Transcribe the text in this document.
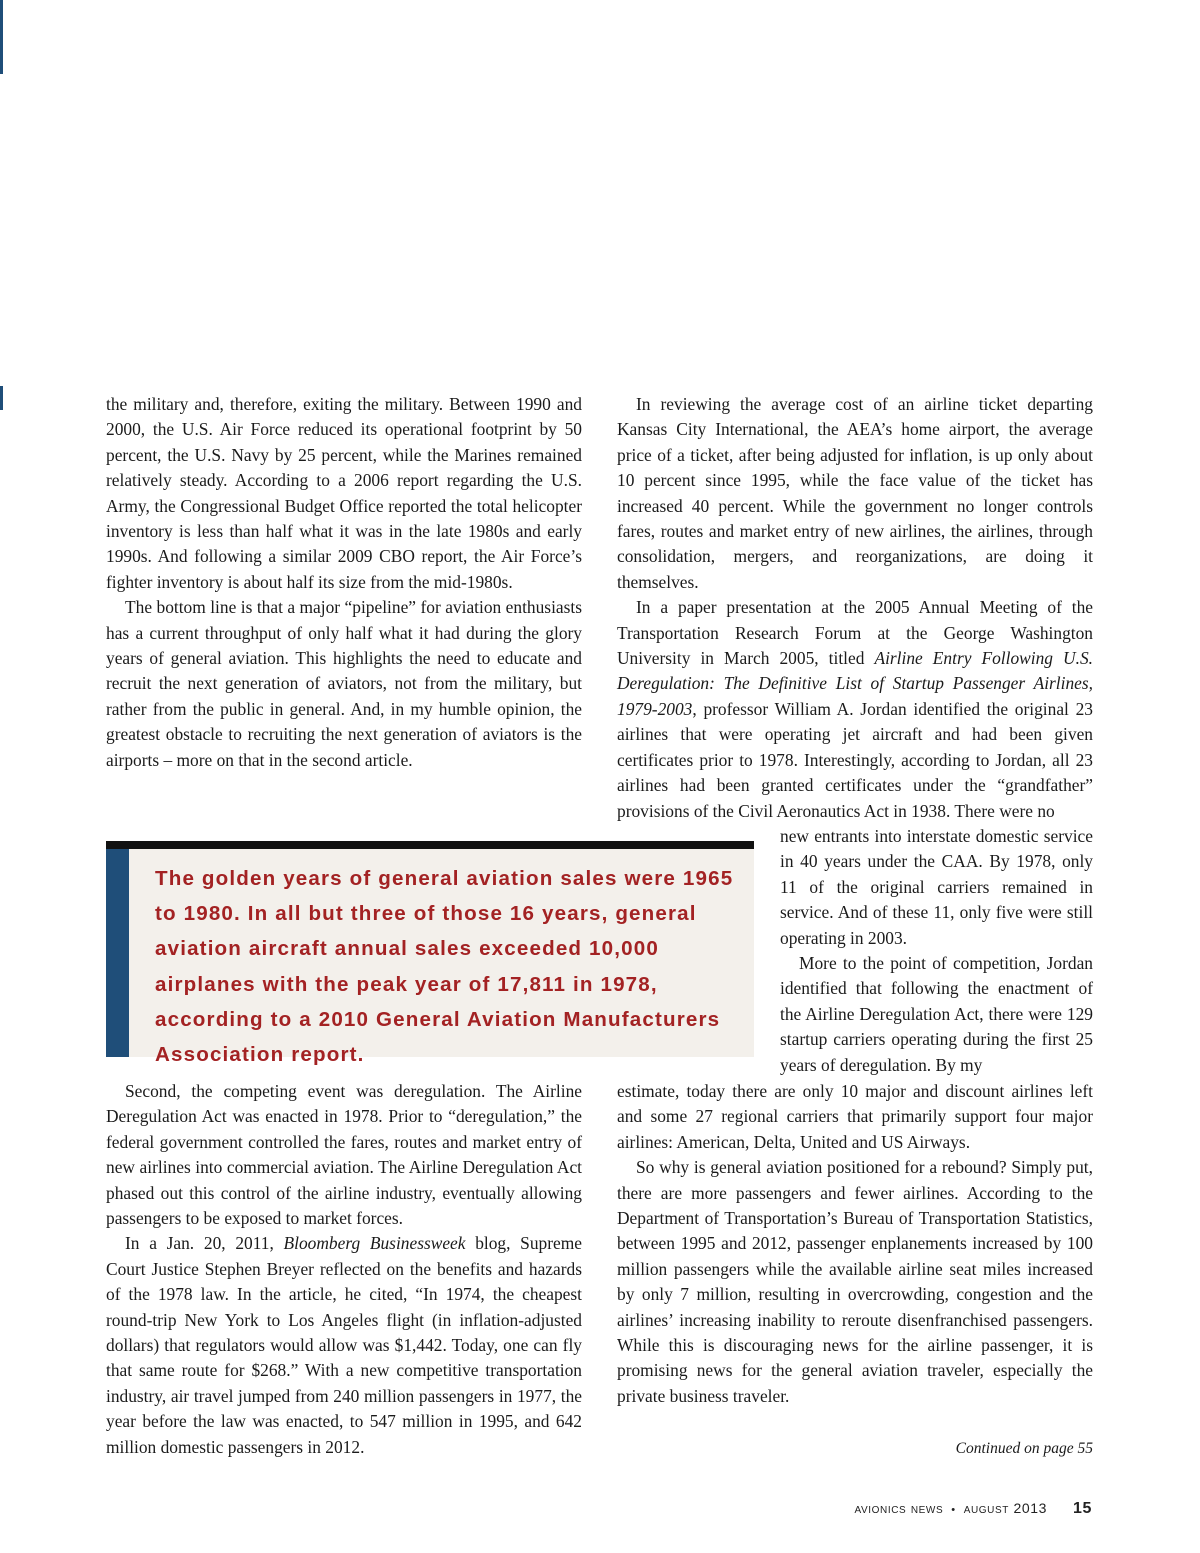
the military and, therefore, exiting the military. Between 1990 and 2000, the U.S. Air Force reduced its operational footprint by 50 percent, the U.S. Navy by 25 percent, while the Marines remained relatively steady. According to a 2006 report regarding the U.S. Army, the Congressional Budget Office reported the total helicopter inventory is less than half what it was in the late 1980s and early 1990s. And following a similar 2009 CBO report, the Air Force’s fighter inventory is about half its size from the mid-1980s.

The bottom line is that a major “pipeline” for aviation enthusiasts has a current throughput of only half what it had during the glory years of general aviation. This highlights the need to educate and recruit the next generation of aviators, not from the military, but rather from the public in general. And, in my humble opinion, the greatest obstacle to recruiting the next generation of aviators is the airports – more on that in the second article.

The golden years of general aviation sales were 1965 to 1980. In all but three of those 16 years, general aviation aircraft annual sales exceeded 10,000 airplanes with the peak year of 17,811 in 1978, according to a 2010 General Aviation Manufacturers Association report.

Second, the competing event was deregulation. The Airline Deregulation Act was enacted in 1978. Prior to “deregulation,” the federal government controlled the fares, routes and market entry of new airlines into commercial aviation. The Airline Deregulation Act phased out this control of the airline industry, eventually allowing passengers to be exposed to market forces.

In a Jan. 20, 2011, Bloomberg Businessweek blog, Supreme Court Justice Stephen Breyer reflected on the benefits and hazards of the 1978 law. In the article, he cited, “In 1974, the cheapest round-trip New York to Los Angeles flight (in inflation-adjusted dollars) that regulators would allow was $1,442. Today, one can fly that same route for $268.” With a new competitive transportation industry, air travel jumped from 240 million passengers in 1977, the year before the law was enacted, to 547 million in 1995, and 642 million domestic passengers in 2012.

In reviewing the average cost of an airline ticket departing Kansas City International, the AEA’s home airport, the average price of a ticket, after being adjusted for inflation, is up only about 10 percent since 1995, while the face value of the ticket has increased 40 percent. While the government no longer controls fares, routes and market entry of new airlines, the airlines, through consolidation, mergers, and reorganizations, are doing it themselves.

In a paper presentation at the 2005 Annual Meeting of the Transportation Research Forum at the George Washington University in March 2005, titled Airline Entry Following U.S. Deregulation: The Definitive List of Startup Passenger Airlines, 1979-2003, professor William A. Jordan identified the original 23 airlines that were operating jet aircraft and had been given certificates prior to 1978. Interestingly, according to Jordan, all 23 airlines had been granted certificates under the “grandfather” provisions of the Civil Aeronautics Act in 1938. There were no

new entrants into interstate domestic service in 40 years under the CAA. By 1978, only 11 of the original carriers remained in service. And of these 11, only five were still operating in 2003.

More to the point of competition, Jordan identified that following the enactment of the Airline Deregulation Act, there were 129 startup carriers operating during the first 25 years of deregulation. By my

estimate, today there are only 10 major and discount airlines left and some 27 regional carriers that primarily support four major airlines: American, Delta, United and US Airways.

So why is general aviation positioned for a rebound? Simply put, there are more passengers and fewer airlines. According to the Department of Transportation’s Bureau of Transportation Statistics, between 1995 and 2012, passenger enplanements increased by 100 million passengers while the available airline seat miles increased by only 7 million, resulting in overcrowding, congestion and the airlines’ increasing inability to reroute disenfranchised passengers. While this is discouraging news for the airline passenger, it is promising news for the general aviation traveler, especially the private business traveler.

Continued on page 55
avionics news • august 2013 15
